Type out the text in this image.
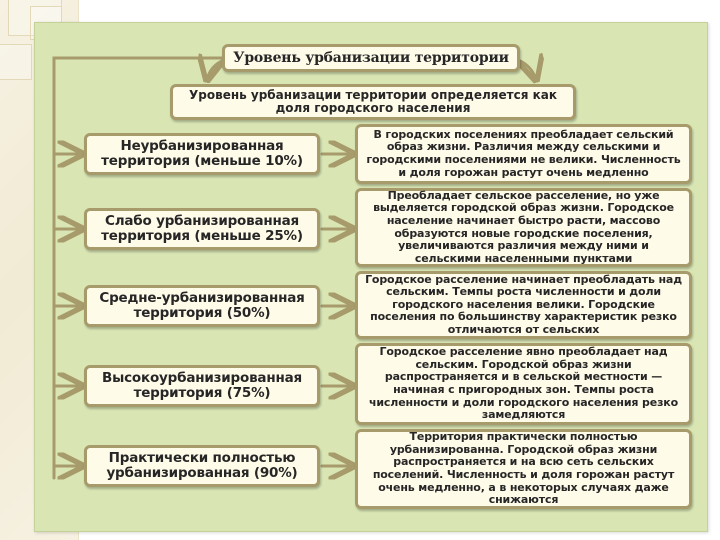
Уровень урбанизации территории
Уровень урбанизации территории определяется как доля городского населения
Неурбанизированная территория (меньше 10%)
Слабо урбанизированная территория (меньше 25%)
Средне-урбанизированная территория (50%)
Высокоурбанизированная территория (75%)
Практически полностью урбанизированная (90%)
В городских поселениях преобладает сельский образ жизни. Различия между сельскими и городскими поселениями не велики. Численность и доля горожан растут очень медленно
Преобладает сельское расселение, но уже выделяется городской образ жизни. Городское население начинает быстро расти, массово образуются новые городские поселения, увеличиваются различия между ними и сельскими населенными пунктами
Городское расселение начинает преобладать над сельским. Темпы роста численности и доли городского населения велики. Городские поселения по большинству характеристик резко отличаются от сельских
Городское расселение явно преобладает над сельским. Городской образ жизни распространяется и в сельской местности — начиная с пригородных зон. Темпы роста численности и доли городского населения резко замедляются
Территория практически полностью урбанизированна. Городской образ жизни распространяется и на всю сеть сельских поселений. Численность и доля горожан растут очень медленно, а в некоторых случаях даже снижаются
